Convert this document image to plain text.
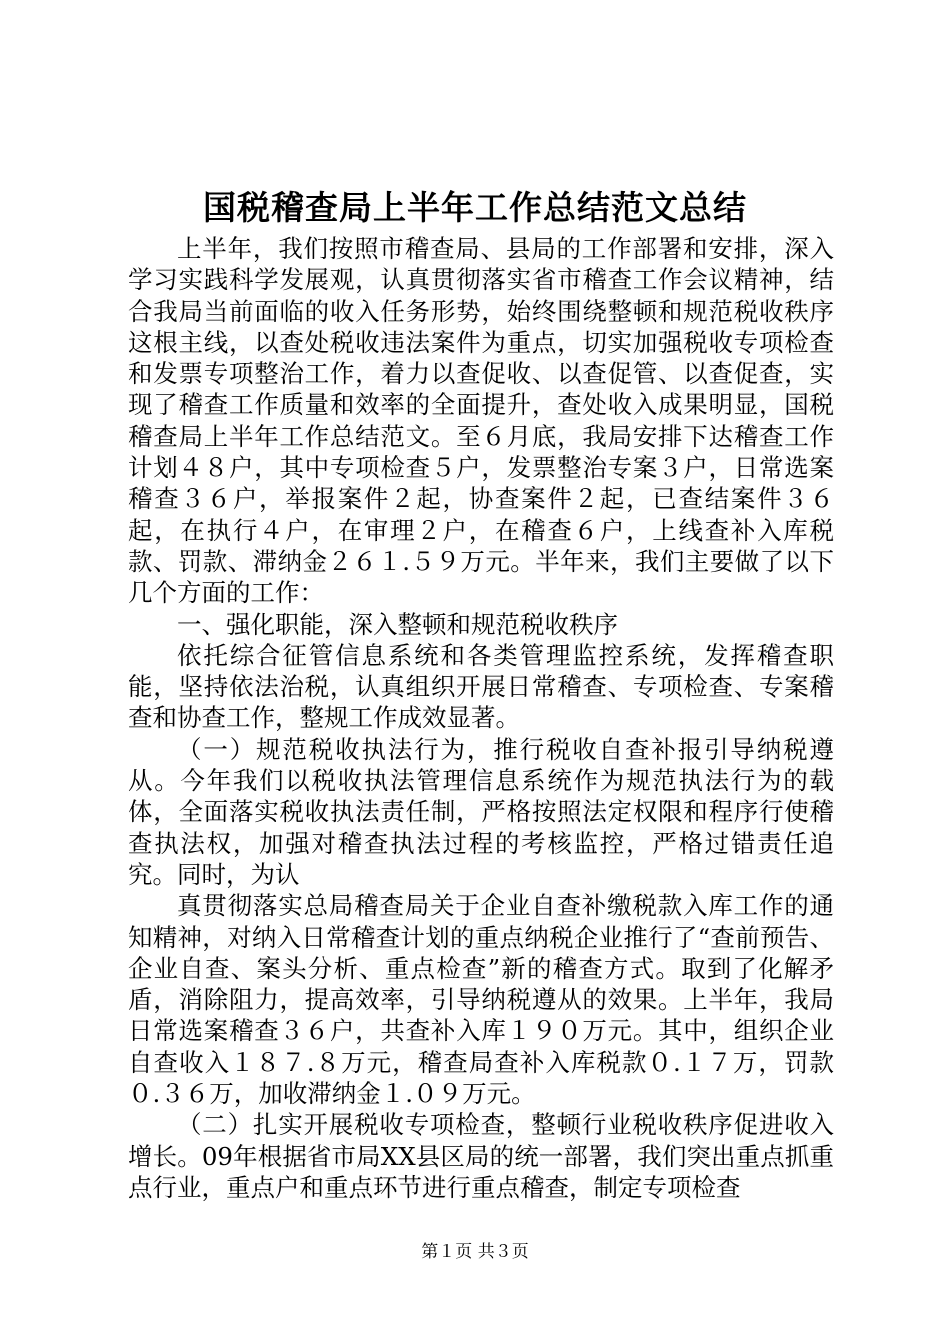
国税稽查局上半年工作总结范文总结

上半年，我们按照市稽查局、县局的工作部署和安排，深入学习实践科学发展观，认真贯彻落实省市稽查工作会议精神，结合我局当前面临的收入任务形势，始终围绕整顿和规范税收秩序这根主线，以查处税收违法案件为重点，切实加强税收专项检查和发票专项整治工作，着力以查促收、以查促管、以查促查，实现了稽查工作质量和效率的全面提升，查处收入成果明显，国税稽查局上半年工作总结范文。至６月底，我局安排下达稽查工作计划４８户，其中专项检查５户，发票整治专案３户，日常选案稽查３６户，举报案件２起，协查案件２起，已查结案件３６起，在执行４户，在审理２户，在稽查６户，上线查补入库税款、罚款、滞纳金２６１.５９万元。半年来，我们主要做了以下几个方面的工作：

一、强化职能，深入整顿和规范税收秩序

依托综合征管信息系统和各类管理监控系统，发挥稽查职能，坚持依法治税，认真组织开展日常稽查、专项检查、专案稽查和协查工作，整规工作成效显著。

（一）规范税收执法行为，推行税收自查补报引导纳税遵从。今年我们以税收执法管理信息系统作为规范执法行为的载体，全面落实税收执法责任制，严格按照法定权限和程序行使稽查执法权，加强对稽查执法过程的考核监控，严格过错责任追究。同时，为认

真贯彻落实总局稽查局关于企业自查补缴税款入库工作的通知精神，对纳入日常稽查计划的重点纳税企业推行了“查前预告、企业自查、案头分析、重点检查”新的稽查方式。取到了化解矛盾，消除阻力，提高效率，引导纳税遵从的效果。上半年，我局日常选案稽查３６户，共查补入库１９０万元。其中，组织企业自查收入１８７.８万元，稽查局查补入库税款０.１７万，罚款０.３６万，加收滞纳金１.０９万元。

（二）扎实开展税收专项检查，整顿行业税收秩序促进收入增长。09年根据省市局XX县区局的统一部署，我们突出重点抓重点行业，重点户和重点环节进行重点稽查，制定专项检查

第１页 共３页
